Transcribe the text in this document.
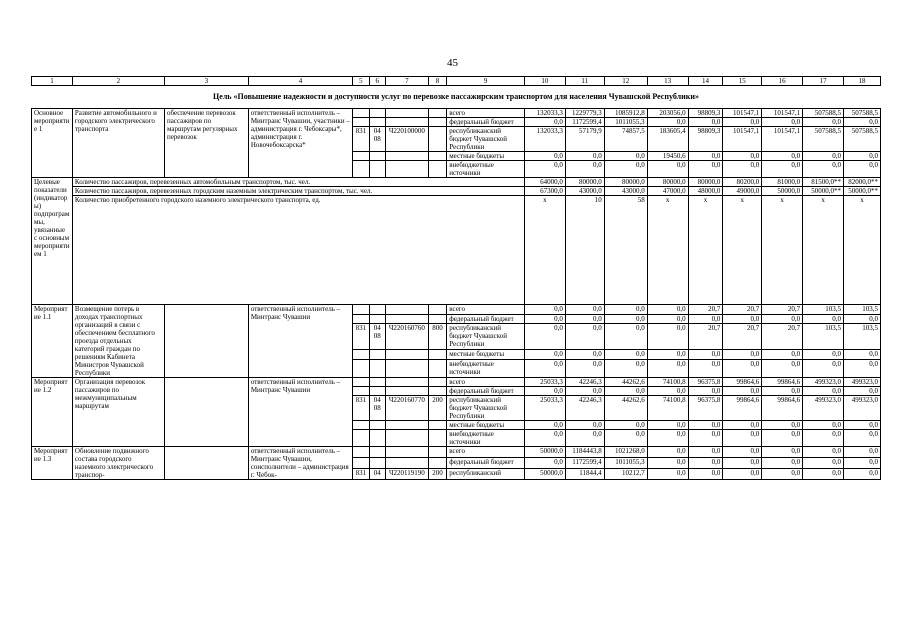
45
1	2	3	4	5	6	7	8	9	10	11	12	13	14	15	16	17	18

Цель «Повышение надежности и доступности услуг по перевозке пассажирским транспортом для населения Чувашской Республики»																	

Основное мероприятие 1	Развитие автомобильного и городского электрического транспорта	обеспечение перевозок пассажиров по маршрутам регулярных перевозок	ответственный исполнитель – Минтранс Чувашии, участники – администрация г. Чебоксары*, администрация г. Новочебоксарска*					всего	132033,3	1229779,3	1085912,8	203056,0	98809,3	101547,1	101547,1	507588,5	507588,5
								федеральный бюджет	0,0	1172599,4	1011055,3	0,0	0,0	0,0	0,0	0,0	0,0
				831	04 08	Ч220100000		республиканский бюджет Чувашской Республики	132033,3	57179,9	74857,5	183605,4	98809,3	101547,1	101547,1	507588,5	507588,5
								местные бюджеты	0,0	0,0	0,0	19450,6	0,0	0,0	0,0	0,0	0,0
								внебюджетные источники	0,0	0,0	0,0	0,0	0,0	0,0	0,0	0,0	0,0
Целевые показатели (индикаторы) подпрограммы, увязанные с основным мероприятием 1	Количество пассажиров, перевезенных автомобильным транспортом, тыс. чел.								64000,0	80000,0	80000,0	80000,0	80000,0	80200,0	81000,0	81500,0**	82000,0**
	Количество пассажиров, перевезенных городским наземным электрическим транспортом, тыс. чел.								67300,0	43000,0	43000,0	47000,0	48000,0	49000,0	50000,0	50000,0**	50000,0**
	Количество приобретенного городского наземного электрического транспорта, ед.								x	10	58	x	x	x	x	x	x
Мероприятие 1.1	Возмещение потерь в доходах транспортных организаций в связи с обеспечением бесплатного проезда отдельных категорий граждан по решениям Кабинета Министров Чувашской Республики		ответственный исполнитель – Минтранс Чувашии					всего	0,0	0,0	0,0	0,0	20,7	20,7	20,7	103,5	103,5
								федеральный бюджет	0,0	0,0	0,0	0,0	0,0	0,0	0,0	0,0	0,0
				831	04 08	Ч220160760	800	республиканский бюджет Чувашской Республики	0,0	0,0	0,0	0,0	20,7	20,7	20,7	103,5	103,5
								местные бюджеты	0,0	0,0	0,0	0,0	0,0	0,0	0,0	0,0	0,0
								внебюджетные источники	0,0	0,0	0,0	0,0	0,0	0,0	0,0	0,0	0,0
Мероприятие 1.2	Организация перевозок пассажиров по межмуниципальным маршрутам		ответственный исполнитель – Минтранс Чувашии					всего	25033,3	42246,3	44262,6	74100,8	96375,8	99864,6	99864,6	499323,0	499323,0
								федеральный бюджет	0,0	0,0	0,0	0,0	0,0	0,0	0,0	0,0	0,0
				831	04 08	Ч220160770	200	республиканский бюджет Чувашской Республики	25033,3	42246,3	44262,6	74100,8	96375,8	99864,6	99864,6	499323,0	499323,0
								местные бюджеты	0,0	0,0	0,0	0,0	0,0	0,0	0,0	0,0	0,0
								внебюджетные источники	0,0	0,0	0,0	0,0	0,0	0,0	0,0	0,0	0,0
Мероприятие 1.3	Обновление подвижного состава городского наземного электрического транспор-		ответственный исполнитель – Минтранс Чувашии, соисполнители – администрация г. Чебок-					всего	50000,0	1184443,8	1021268,0	0,0	0,0	0,0	0,0	0,0	0,0
								федеральный бюджет	0,0	1172599,4	1011055,3	0,0	0,0	0,0	0,0	0,0	0,0
				831	04	Ч220119190	200	республиканский	50000,0	11844,4	10212,7	0,0	0,0	0,0	0,0	0,0	0,0
